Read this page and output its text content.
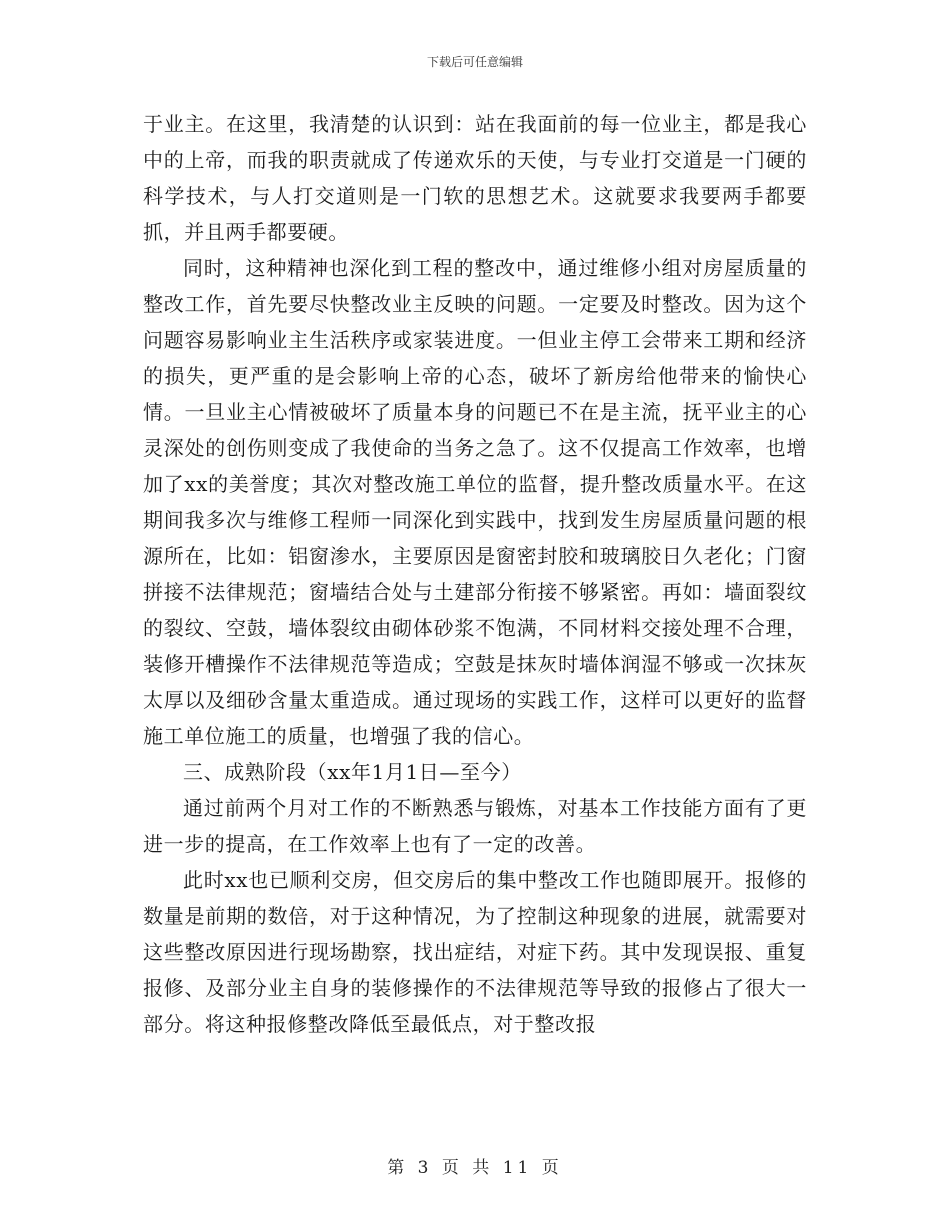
下载后可任意编辑

于业主。在这里，我清楚的认识到：站在我面前的每一位业主，都是我心中的上帝，而我的职责就成了传递欢乐的天使，与专业打交道是一门硬的科学技术，与人打交道则是一门软的思想艺术。这就要求我要两手都要抓，并且两手都要硬。

同时，这种精神也深化到工程的整改中，通过维修小组对房屋质量的整改工作，首先要尽快整改业主反映的问题。一定要及时整改。因为这个问题容易影响业主生活秩序或家装进度。一但业主停工会带来工期和经济的损失，更严重的是会影响上帝的心态，破坏了新房给他带来的愉快心情。一旦业主心情被破坏了质量本身的问题已不在是主流，抚平业主的心灵深处的创伤则变成了我使命的当务之急了。这不仅提高工作效率，也增加了xx的美誉度；其次对整改施工单位的监督，提升整改质量水平。在这期间我多次与维修工程师一同深化到实践中，找到发生房屋质量问题的根源所在，比如：铝窗渗水，主要原因是窗密封胶和玻璃胶日久老化；门窗拼接不法律规范；窗墙结合处与土建部分衔接不够紧密。再如：墙面裂纹的裂纹、空鼓，墙体裂纹由砌体砂浆不饱满，不同材料交接处理不合理，装修开槽操作不法律规范等造成；空鼓是抹灰时墙体润湿不够或一次抹灰太厚以及细砂含量太重造成。通过现场的实践工作，这样可以更好的监督施工单位施工的质量，也增强了我的信心。

三、成熟阶段（xx年1月1日—至今）

通过前两个月对工作的不断熟悉与锻炼，对基本工作技能方面有了更进一步的提高，在工作效率上也有了一定的改善。

此时xx也已顺利交房，但交房后的集中整改工作也随即展开。报修的数量是前期的数倍，对于这种情况，为了控制这种现象的进展，就需要对这些整改原因进行现场勘察，找出症结，对症下药。其中发现误报、重复报修、及部分业主自身的装修操作的不法律规范等导致的报修占了很大一部分。将这种报修整改降低至最低点，对于整改报

第 3 页 共 11 页
